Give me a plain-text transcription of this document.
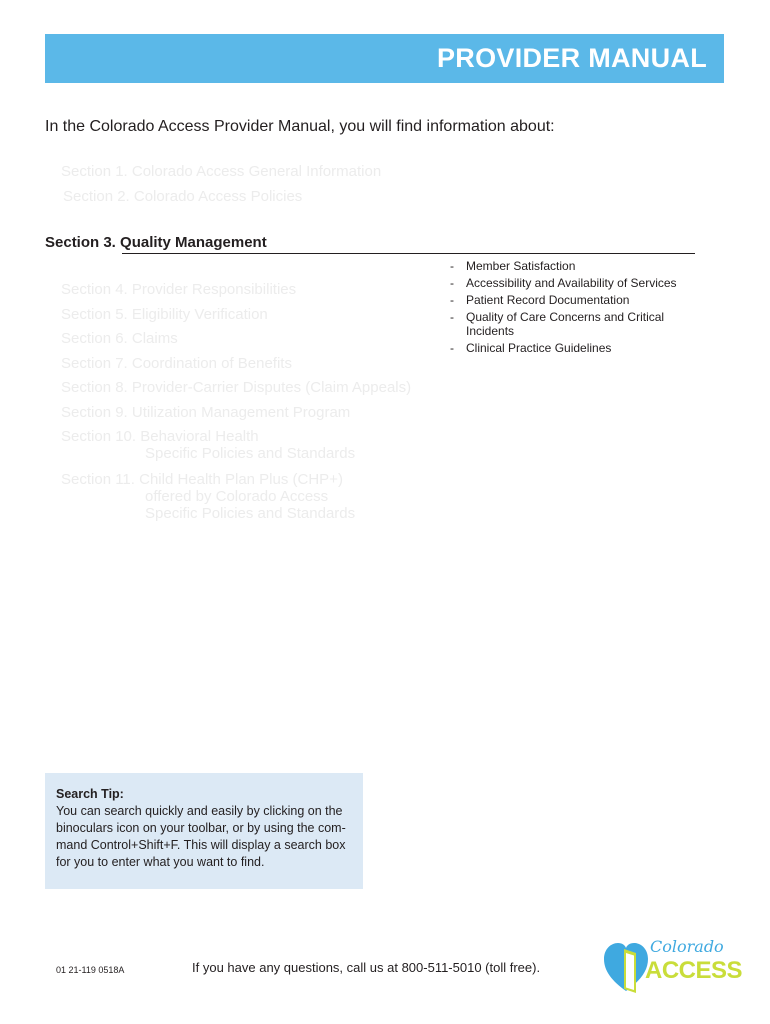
PROVIDER MANUAL
In the Colorado Access Provider Manual, you will find information about:
Section 1. Colorado Access General Information
Section 2. Colorado Access Policies
Section 3. Quality Management
- Member Satisfaction
- Accessibility and Availability of Services
- Patient Record Documentation
- Quality of Care Concerns and Critical Incidents
- Clinical Practice Guidelines
Section 4. Provider Responsibilities
Section 5. Eligibility Verification
Section 6. Claims
Section 7. Coordination of Benefits
Section 8. Provider-Carrier Disputes (Claim Appeals)
Section 9. Utilization Management Program
Section 10. Behavioral Health
Specific Policies and Standards
Section 11. Child Health Plan Plus (CHP+)
offered by Colorado Access
Specific Policies and Standards
Search Tip:
You can search quickly and easily by clicking on the binoculars icon on your toolbar, or by using the com-mand Control+Shift+F. This will display a search box for you to enter what you want to find.
01 21-119 0518A	If you have any questions, call us at 800-511-5010 (toll free).
Colorado
ACCESS
